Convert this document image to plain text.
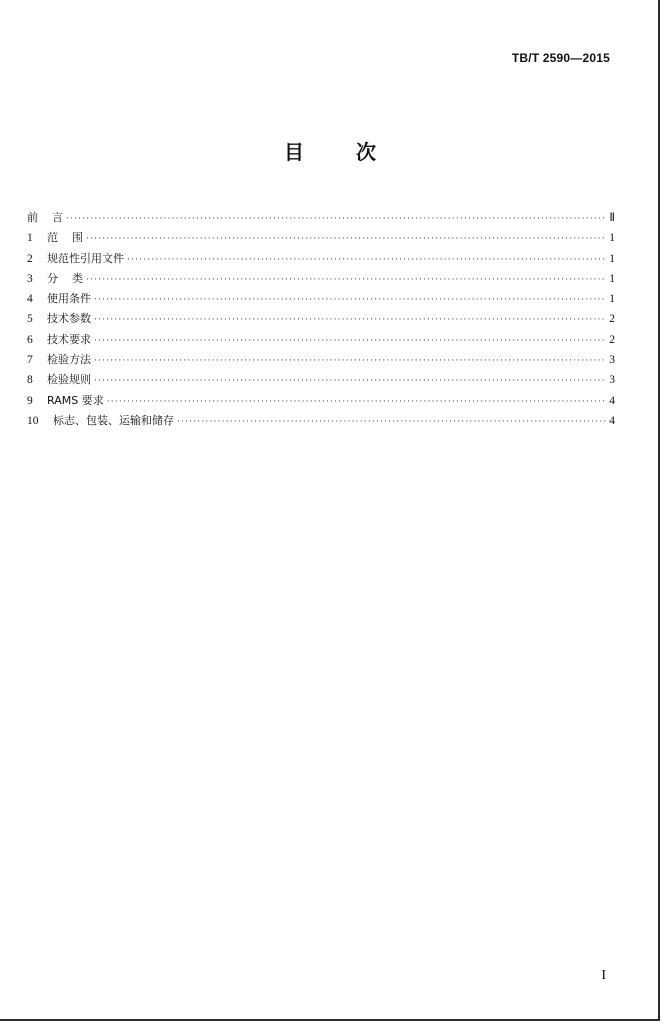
TB/T 2590—2015
目	次
前    言 ·····	Ⅱ
1	范    围 ·····	1
2	规范性引用文件 ·····	1
3	分    类 ·····	1
4	使用条件 ·····	1
5	技术参数 ·····	2
6	技术要求 ·····	2
7	检验方法 ·····	3
8	检验规则 ·····	3
9	RAMS 要求 ·····	4
10	标志、包装、运输和储存 ·····	4
I
